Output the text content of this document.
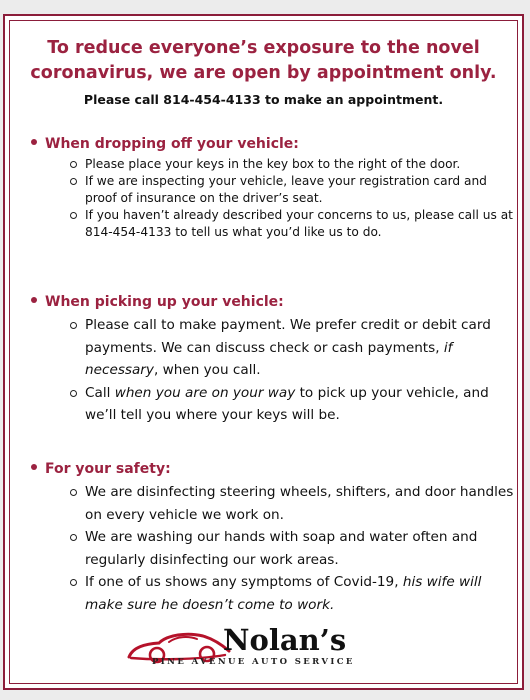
To reduce everyone’s exposure to the novel
coronavirus, we are open by appointment only.
Please call 814-454-4133 to make an appointment.
When dropping off your vehicle:
Please place your keys in the key box to the right of the door.
If we are inspecting your vehicle, leave your registration card and proof of insurance on the driver’s seat.
If you haven’t already described your concerns to us, please call us at 814-454-4133 to tell us what you’d like us to do.
When picking up your vehicle:
Please call to make payment. We prefer credit or debit card payments. We can discuss check or cash payments, if necessary, when you call.
Call when you are on your way to pick up your vehicle, and we’ll tell you where your keys will be.
For your safety:
We are disinfecting steering wheels, shifters, and door handles on every vehicle we work on.
We are washing our hands with soap and water often and regularly disinfecting our work areas.
If one of us shows any symptoms of Covid-19, his wife will make sure he doesn’t come to work.
Nolan’s
PINE AVENUE AUTO SERVICE
